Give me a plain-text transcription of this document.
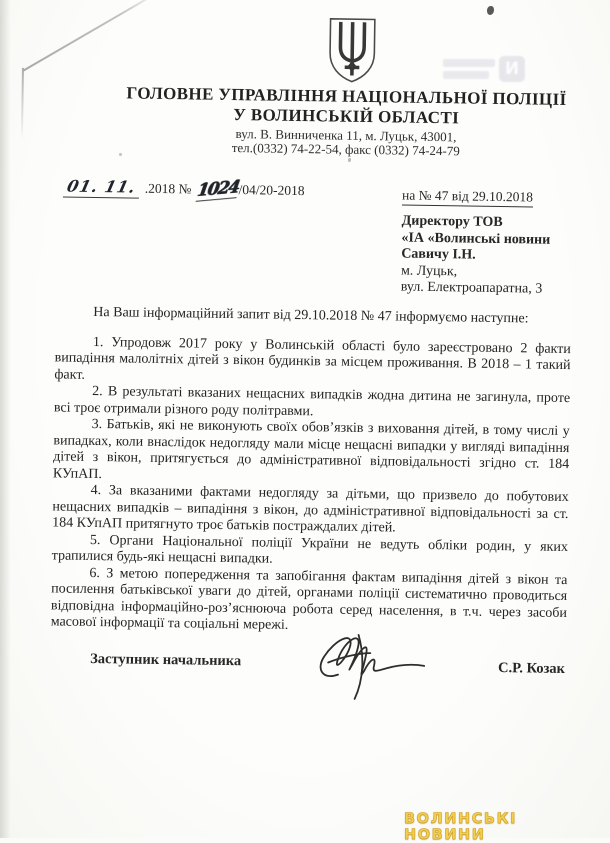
ГОЛОВНЕ УПРАВЛІННЯ НАЦІОНАЛЬНОЇ ПОЛІЦІЇ
У ВОЛИНСЬКІЙ ОБЛАСТІ
вул. В. Винниченка 11, м. Луцьк, 43001,
тел.(0332) 74-22-54, факс (0332) 74-24-79
01. 11. .2018 № 1024 /04/20-2018	на № 47 від 29.10.2018
Директору ТОВ
«ІА «Волинські новини
Савичу І.Н.
м. Луцьк,
вул. Електроапаратна, 3

На Ваш інформаційний запит від 29.10.2018 № 47 інформуємо наступне:

1. Упродовж 2017 року у Волинській області було зареєстровано 2 факти випадіння малолітніх дітей з вікон будинків за місцем проживання. В 2018 – 1 такий факт.

2. В результаті вказаних нещасних випадків жодна дитина не загинула, проте всі троє отримали різного роду політравми.

3. Батьків, які не виконують своїх обов’язків з виховання дітей, в тому числі у випадках, коли внаслідок недогляду мали місце нещасні випадки у вигляді випадіння дітей з вікон, притягується до адміністративної відповідальності згідно ст. 184 КУпАП.

4. За вказаними фактами недогляду за дітьми, що призвело до побутових нещасних випадків – випадіння з вікон, до адміністративної відповідальності за ст. 184 КУпАП притягнуто троє батьків постраждалих дітей.

5. Органи Національної поліції України не ведуть обліки родин, у яких трапилися будь-які нещасні випадки.

6. З метою попередження та запобігання фактам випадіння дітей з вікон та посилення батьківської уваги до дітей, органами поліції систематично проводиться відповідна інформаційно-роз’яснююча робота серед населення, в т.ч. через засоби масової інформації та соціальні мережі.

Заступник начальника	С.Р. Козак
И
ВОЛИНСЬКІ НОВИНИ
